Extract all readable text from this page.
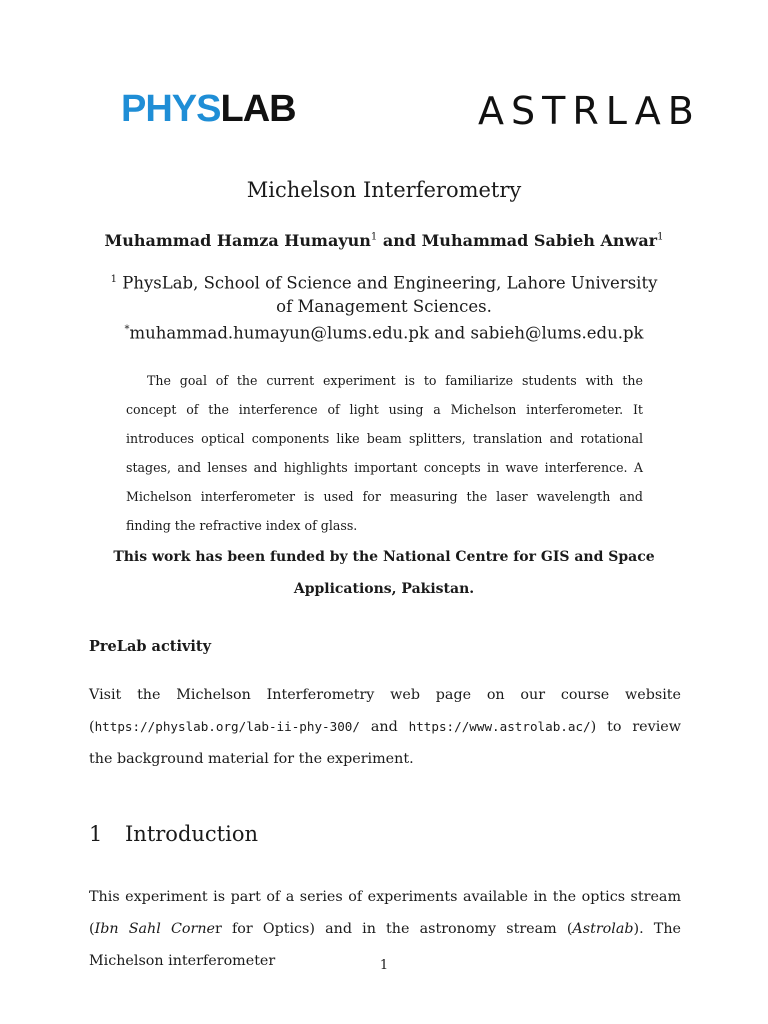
PHYSLAB	ASTR LAB
Michelson Interferometry
Muhammad Hamza Humayun$^1$ and Muhammad Sabieh Anwar$^1$
$^1$ PhysLab, School of Science and Engineering, Lahore University of Management Sciences.
*muhammad.humayun@lums.edu.pk and sabieh@lums.edu.pk

The goal of the current experiment is to familiarize students with the concept of the interference of light using a Michelson interferometer. It introduces optical components like beam splitters, translation and rotational stages, and lenses and highlights important concepts in wave interference. A Michelson interferometer is used for measuring the laser wavelength and finding the refractive index of glass.

This work has been funded by the National Centre for GIS and Space Applications, Pakistan.
PreLab activity

Visit the Michelson Interferometry web page on our course website (https://physlab.org/lab-ii-phy-300/ and https://www.astrolab.ac/) to review the background material for the experiment.

1 Introduction

This experiment is part of a series of experiments available in the optics stream (Ibn Sahl Corner for Optics) and in the astronomy stream (Astrolab). The Michelson interferometer	1
